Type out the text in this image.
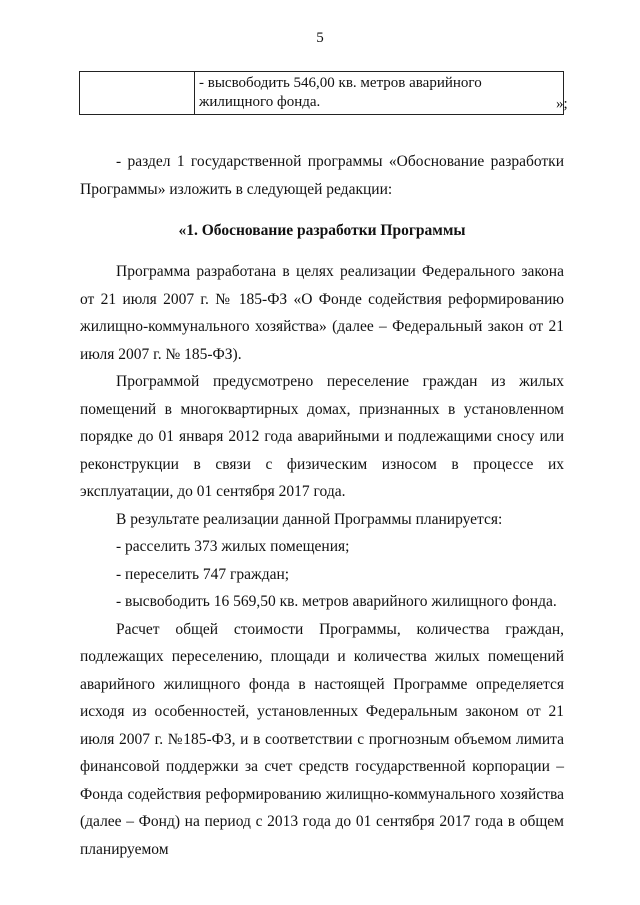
5
	- высвободить 546,00 кв. метров аварийного жилищного фонда.	»;

- раздел 1 государственной программы «Обоснование разработки Программы» изложить в следующей редакции:

«1. Обоснование разработки Программы

Программа разработана в целях реализации Федерального закона от 21 июля 2007 г. № 185-ФЗ «О Фонде содействия реформированию жилищно-коммунального хозяйства» (далее – Федеральный закон от 21 июля 2007 г. № 185-ФЗ).

Программой предусмотрено переселение граждан из жилых помещений в многоквартирных домах, признанных в установленном порядке до 01 января 2012 года аварийными и подлежащими сносу или реконструкции в связи с физическим износом в процессе их эксплуатации, до 01 сентября 2017 года.

В результате реализации данной Программы планируется:

- расселить 373 жилых помещения;

- переселить 747 граждан;

- высвободить 16 569,50 кв. метров аварийного жилищного фонда.

Расчет общей стоимости Программы, количества граждан, подлежащих переселению, площади и количества жилых помещений аварийного жилищного фонда в настоящей Программе определяется исходя из особенностей, установленных Федеральным законом от 21 июля 2007 г. №185-ФЗ, и в соответствии с прогнозным объемом лимита финансовой поддержки за счет средств государственной корпорации – Фонда содействия реформированию жилищно-коммунального хозяйства (далее – Фонд) на период с 2013 года до 01 сентября 2017 года в общем планируемом
